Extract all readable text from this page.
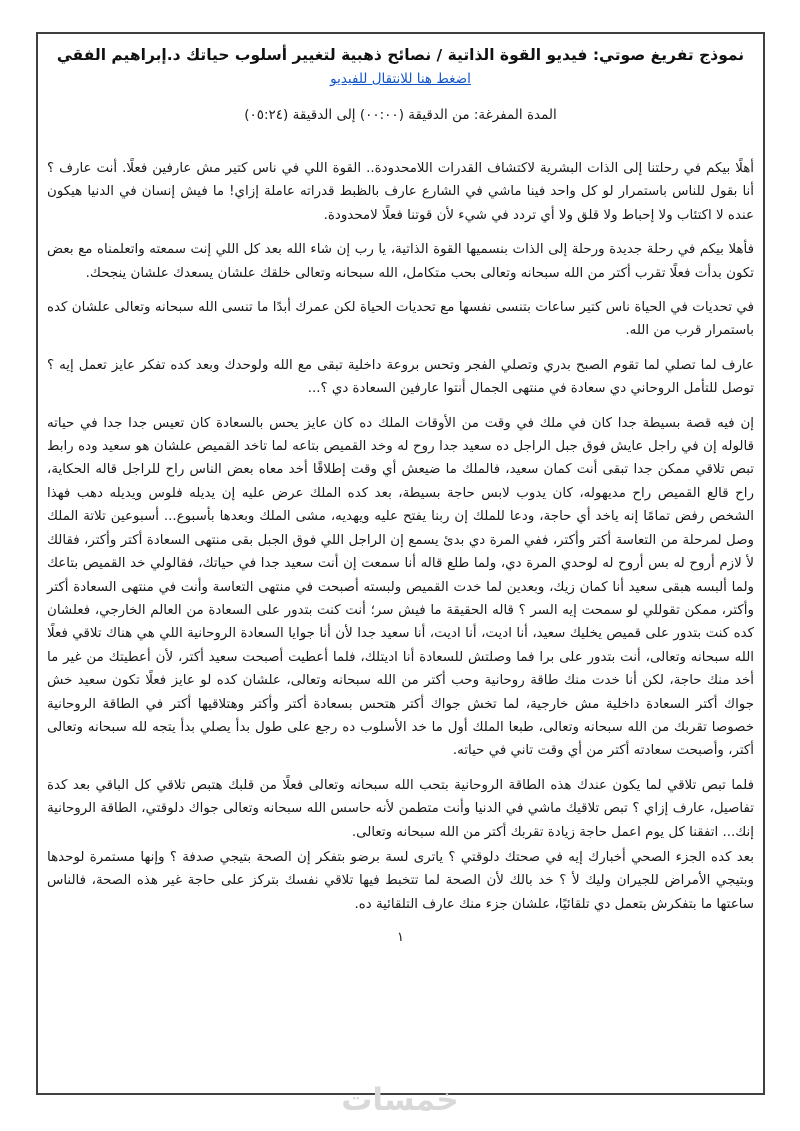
نموذج تفريغ صوتي: فيديو القوة الذاتية / نصائح ذهبية لتغيير أسلوب حياتك د.إبراهيم الفقي
اضغط هنا للانتقال للفيديو
المدة المفرغة: من الدقيقة (٠٠:٠٠) إلى الدقيقة (٠٥:٢٤)

أهلًا بيكم في رحلتنا إلى الذات البشرية لاكتشاف القدرات اللامحدودة.. القوة اللي في ناس كتير مش عارفين فعلًا. أنت عارف ؟ أنا بقول للناس باستمرار لو كل واحد فينا ماشي في الشارع عارف بالظبط قدراته عاملة إزاي! ما فيش إنسان في الدنيا هيكون عنده لا اكتئاب ولا إحباط ولا قلق ولا أي تردد في شيء لأن قوتنا فعلًا لامحدودة.

فأهلا بيكم في رحلة جديدة ورحلة إلى الذات بنسميها القوة الذاتية، يا رب إن شاء الله بعد كل اللي إنت سمعته واتعلمناه مع بعض تكون بدأت فعلًا تقرب أكتر من الله سبحانه وتعالى بحب متكامل، الله سبحانه وتعالى خلقك علشان يسعدك علشان ينجحك.

في تحديات في الحياة ناس كتير ساعات بتنسى نفسها مع تحديات الحياة لكن عمرك أبدًا ما تنسى الله سبحانه وتعالى علشان كده باستمرار قرب من الله.

عارف لما تصلي لما تقوم الصبح بدري وتصلي الفجر وتحس بروعة داخلية تبقى مع الله ولوحدك وبعد كده تفكر عايز تعمل إيه ؟ توصل للتأمل الروحاني دي سعادة في منتهى الجمال أنتوا عارفين السعادة دي ؟...

إن فيه قصة بسيطة جدا كان في ملك في وقت من الأوقات الملك ده كان عايز يحس بالسعادة كان تعيس جدا جدا في حياته قالوله إن في راجل عايش فوق جبل الراجل ده سعيد جدا روح له وخد القميص بتاعه لما تاخد القميص علشان هو سعيد وده رابط تبص تلاقي ممكن جدا تبقى أنت كمان سعيد، فالملك ما ضيعش أي وقت إطلاقًا أخد معاه بعض الناس راح للراجل قاله الحكاية، راح قالع القميص راح مديهوله، كان يدوب لابس حاجة بسيطة، بعد كده الملك عرض عليه إن يديله فلوس ويديله دهب فهذا الشخص رفض تمامًا إنه ياخد أي حاجة، ودعا للملك إن ربنا يفتح عليه ويهديه، مشى الملك وبعدها بأسبوع... أسبوعين تلاتة الملك وصل لمرحلة من التعاسة أكتر وأكتر، ففي المرة دي بدئ يسمع إن الراجل اللي فوق الجبل بقى منتهى السعادة أكتر وأكتر، فقالك لأ لازم أروح له بس أروح له لوحدي المرة دي، ولما طلع قاله أنا سمعت إن أنت سعيد جدا في حياتك، فقالولي خد القميص بتاعك ولما ألبسه هبقى سعيد أنا كمان زيك، وبعدين لما خدت القميص ولبسته أصبحت في منتهى التعاسة وأنت في منتهى السعادة أكتر وأكتر، ممكن تقوللي لو سمحت إيه السر ؟ قاله الحقيقة ما فيش سر؛ أنت كنت بتدور على السعادة من العالم الخارجي، فعلشان كده كنت بتدور على قميص يخليك سعيد، أنا اديت، أنا اديت، أنا سعيد جدا لأن أنا جوايا السعادة الروحانية اللي هي هناك تلاقي فعلًا الله سبحانه وتعالى، أنت بتدور على برا فما وصلتش للسعادة أنا اديتلك، فلما أعطيت أصبحت سعيد أكتر، لأن أعطيتك من غير ما أخد منك حاجة، لكن أنا خدت منك طاقة روحانية وحب أكتر من الله سبحانه وتعالى، علشان كده لو عايز فعلًا تكون سعيد خش جواك أكتر السعادة داخلية مش خارجية، لما تخش جواك أكتر هتحس بسعادة أكتر وأكتر وهتلاقيها أكتر في الطاقة الروحانية خصوصا تقربك من الله سبحانه وتعالى، طبعا الملك أول ما خد الأسلوب ده رجع على طول بدأ يصلي بدأ يتجه لله سبحانه وتعالى أكتر، وأصبحت سعادته أكتر من أي وقت تاني في حياته.

فلما تبص تلاقي لما يكون عندك هذه الطاقة الروحانية بتحب الله سبحانه وتعالى فعلًا من قلبك هتبص تلاقي كل الباقي بعد كدة تفاصيل، عارف إزاي ؟ تبص تلاقيك ماشي في الدنيا وأنت متطمن لأنه حاسس الله سبحانه وتعالى جواك دلوقتي، الطاقة الروحانية إنك... اتفقنا كل يوم اعمل حاجة زيادة تقربك أكتر من الله سبحانه وتعالى.

بعد كده الجزء الصحي أخبارك إيه في صحتك دلوقتي ؟ ياترى لسة برضو بتفكر إن الصحة بتيجي صدفة ؟ وإنها مستمرة لوحدها وبتيجي الأمراض للجيران وليك لأ ؟ خد بالك لأن الصحة لما تتخبط فيها تلاقي نفسك بتركز على حاجة غير هذه الصحة، فالناس ساعتها ما بتفكرش بتعمل دي تلقائيًا، علشان جزء منك عارف التلقائية ده.

١
خمسات
